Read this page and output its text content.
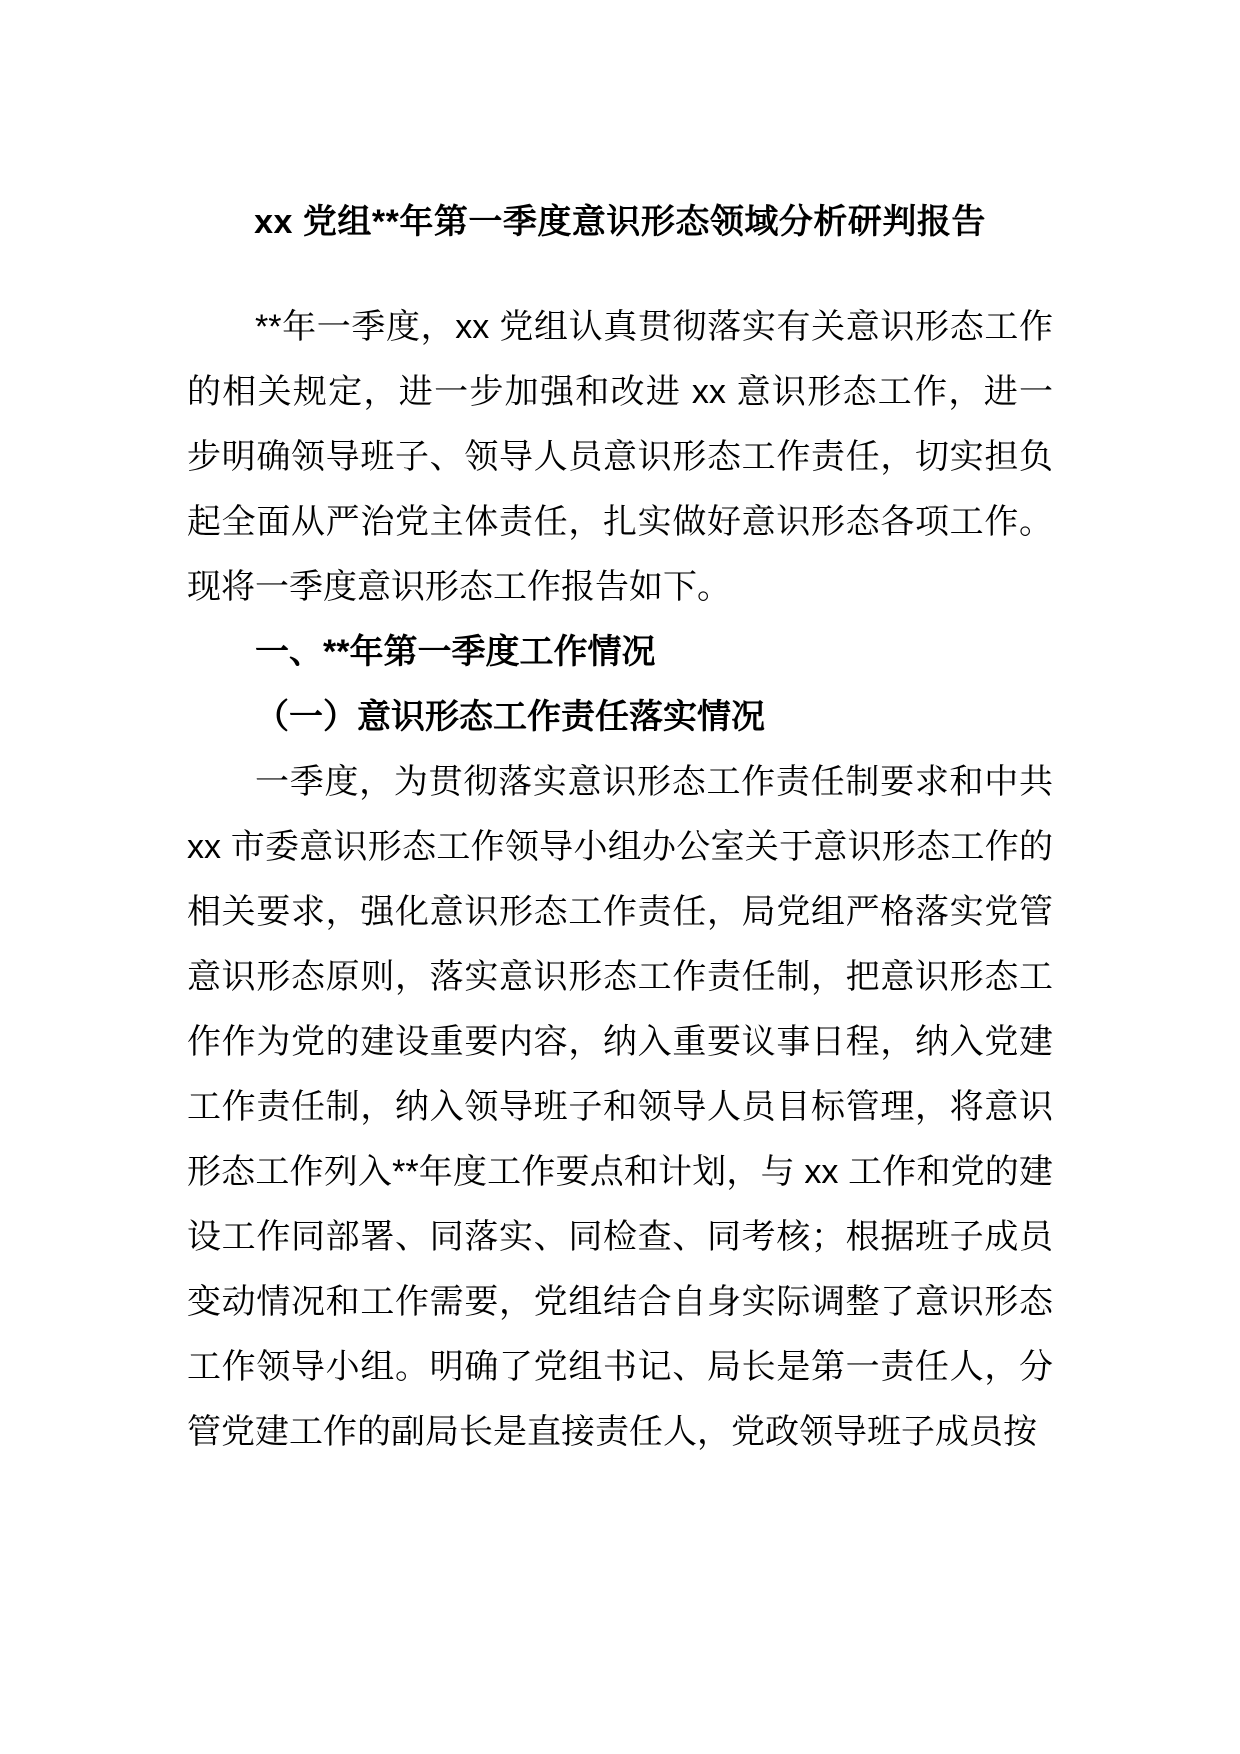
xx 党组**年第一季度意识形态领域分析研判报告

**年一季度，xx 党组认真贯彻落实有关意识形态工作的相关规定，进一步加强和改进 xx 意识形态工作，进一步明确领导班子、领导人员意识形态工作责任，切实担负起全面从严治党主体责任，扎实做好意识形态各项工作。现将一季度意识形态工作报告如下。

一、**年第一季度工作情况
（一）意识形态工作责任落实情况

一季度，为贯彻落实意识形态工作责任制要求和中共 xx 市委意识形态工作领导小组办公室关于意识形态工作的相关要求，强化意识形态工作责任，局党组严格落实党管意识形态原则，落实意识形态工作责任制，把意识形态工作作为党的建设重要内容，纳入重要议事日程，纳入党建工作责任制，纳入领导班子和领导人员目标管理，将意识形态工作列入**年度工作要点和计划，与 xx 工作和党的建设工作同部署、同落实、同检查、同考核；根据班子成员变动情况和工作需要，党组结合自身实际调整了意识形态工作领导小组。明确了党组书记、局长是第一责任人，分管党建工作的副局长是直接责任人，党政领导班子成员按
